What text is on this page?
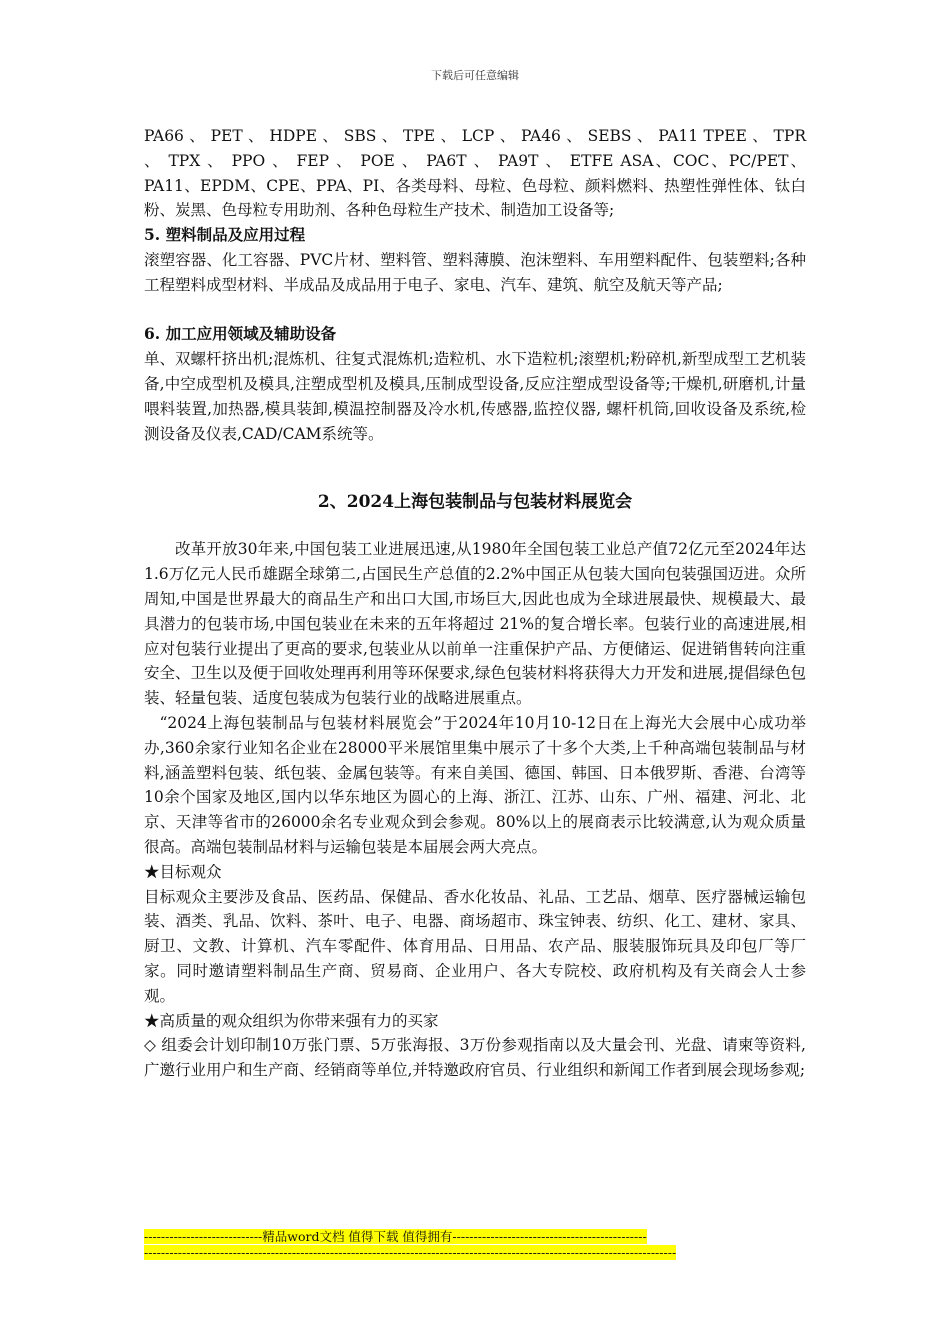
下载后可任意编辑

PA66 、 PET 、 HDPE 、 SBS 、 TPE 、 LCP 、 PA46 、 SEBS 、 PA11 TPEE 、 TPR 、 TPX 、 PPO 、 FEP 、 POE 、 PA6T 、 PA9T 、 ETFE ASA、COC、PC/PET、PA11、EPDM、CPE、PPA、PI、各类母料、母粒、色母粒、颜料燃料、热塑性弹性体、钛白粉、炭黑、色母粒专用助剂、各种色母粒生产技术、制造加工设备等;

5. 塑料制品及应用过程

滚塑容器、化工容器、PVC片材、塑料管、塑料薄膜、泡沫塑料、车用塑料配件、包装塑料;各种工程塑料成型材料、半成品及成品用于电子、家电、汽车、建筑、航空及航天等产品;

6. 加工应用领域及辅助设备

单、双螺杆挤出机;混炼机、往复式混炼机;造粒机、水下造粒机;滚塑机;粉碎机,新型成型工艺机装备,中空成型机及模具,注塑成型机及模具,压制成型设备,反应注塑成型设备等;干燥机,研磨机,计量喂料装置,加热器,模具装卸,模温控制器及冷水机,传感器,监控仪器, 螺杆机筒,回收设备及系统,检测设备及仪表,CAD/CAM系统等。

2、2024上海包装制品与包装材料展览会

改革开放30年来,中国包装工业进展迅速,从1980年全国包装工业总产值72亿元至2024年达1.6万亿元人民币雄踞全球第二,占国民生产总值的2.2%中国正从包装大国向包装强国迈进。众所周知,中国是世界最大的商品生产和出口大国,市场巨大,因此也成为全球进展最快、规模最大、最具潜力的包装市场,中国包装业在未来的五年将超过 21%的复合增长率。包装行业的高速进展,相应对包装行业提出了更高的要求,包装业从以前单一注重保护产品、方便储运、促进销售转向注重安全、卫生以及便于回收处理再利用等环保要求,绿色包装材料将获得大力开发和进展,提倡绿色包装、轻量包装、适度包装成为包装行业的战略进展重点。

“2024上海包装制品与包装材料展览会”于2024年10月10-12日在上海光大会展中心成功举办,360余家行业知名企业在28000平米展馆里集中展示了十多个大类,上千种高端包装制品与材料,涵盖塑料包装、纸包装、金属包装等。有来自美国、德国、韩国、日本俄罗斯、香港、台湾等10余个国家及地区,国内以华东地区为圆心的上海、浙江、江苏、山东、广州、福建、河北、北京、天津等省市的26000余名专业观众到会参观。80%以上的展商表示比较满意,认为观众质量很高。高端包装制品材料与运输包装是本届展会两大亮点。

★目标观众

目标观众主要涉及食品、医药品、保健品、香水化妆品、礼品、工艺品、烟草、医疗器械运输包装、酒类、乳品、饮料、茶叶、电子、电器、商场超市、珠宝钟表、纺织、化工、建材、家具、厨卫、文教、计算机、汽车零配件、体育用品、日用品、农产品、服装服饰玩具及印包厂等厂家。同时邀请塑料制品生产商、贸易商、企业用户、各大专院校、政府机构及有关商会人士参观。

★高质量的观众组织为你带来强有力的买家

◇ 组委会计划印制10万张门票、5万张海报、3万份参观指南以及大量会刊、光盘、请柬等资料,广邀行业用户和生产商、经销商等单位,并特邀政府官员、行业组织和新闻工作者到展会现场参观;

----------------------------精品word文档 值得下载 值得拥有----------------------------------------------
------------------------------------------------------------------------------------------------------------------------------
